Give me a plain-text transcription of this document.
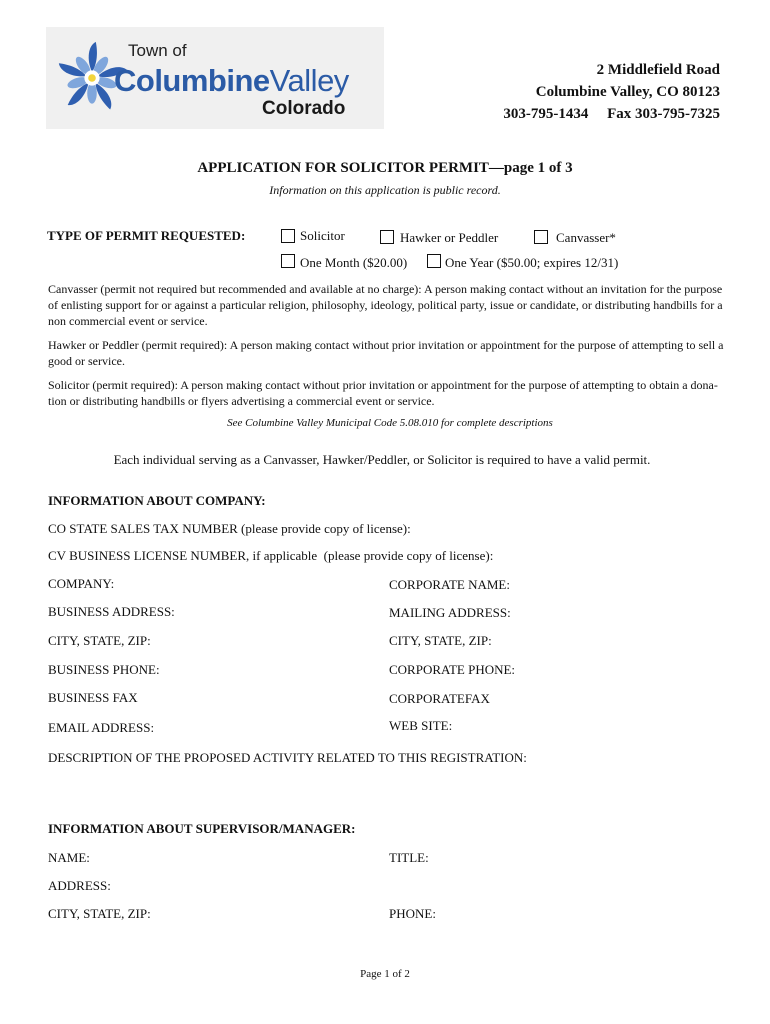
Town of
ColumbineValley
Colorado
2 Middlefield Road
Columbine Valley, CO 80123
303-795-1434     Fax 303-795-7325
APPLICATION FOR SOLICITOR PERMIT—page 1 of 3
Information on this application is public record.
TYPE OF PERMIT REQUESTED:	Solicitor	Hawker or Peddler	Canvasser*
One Month ($20.00)	One Year ($50.00; expires 12/31)
Canvasser (permit not required but recommended and available at no charge): A person making contact without an invitation for the purpose of enlisting support for or against a particular religion, philosophy, ideology, political party, issue or candidate, or distributing handbills for a non commercial event or service.
Hawker or Peddler (permit required): A person making contact without prior invitation or appointment for the purpose of attempting to sell a good or service.
Solicitor (permit required): A person making contact without prior invitation or appointment for the purpose of attempting to obtain a dona-tion or distributing handbills or flyers advertising a commercial event or service.
See Columbine Valley Municipal Code 5.08.010 for complete descriptions
Each individual serving as a Canvasser, Hawker/Peddler, or Solicitor is required to have a valid permit.
INFORMATION ABOUT COMPANY:
CO STATE SALES TAX NUMBER (please provide copy of license):
CV BUSINESS LICENSE NUMBER, if applicable  (please provide copy of license):
COMPANY:	CORPORATE NAME:
BUSINESS ADDRESS:	MAILING ADDRESS:
CITY, STATE, ZIP:	CITY, STATE, ZIP:
BUSINESS PHONE:	CORPORATE PHONE:
BUSINESS FAX	CORPORATEFAX
EMAIL ADDRESS:	WEB SITE:
DESCRIPTION OF THE PROPOSED ACTIVITY RELATED TO THIS REGISTRATION:
INFORMATION ABOUT SUPERVISOR/MANAGER:
NAME:	TITLE:
ADDRESS:
CITY, STATE, ZIP:	PHONE:
Page 1 of 2
